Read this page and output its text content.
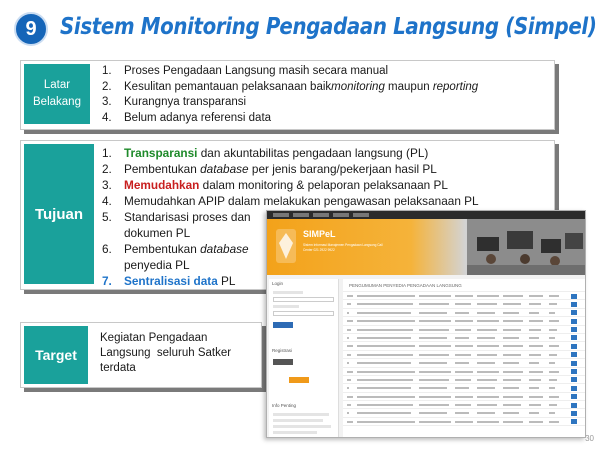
9 Sistem Monitoring Pengadaan Langsung (Simpel)
Latar
Belakang
1.	Proses Pengadaan Langsung masih secara manual
2.	Kesulitan pemantauan pelaksanaan baik monitoring maupun reporting
3.	Kurangnya transparansi
4.	Belum adanya referensi data
Tujuan
1.	Transparansi dan akuntabilitas pengadaan langsung (PL)
2.	Pembentukan database per jenis barang/pekerjaan hasil PL
3.	Memudahkan dalam monitoring & pelaporan pelaksanaan PL
4.	Memudahkan APIP dalam melakukan pengawasan pelaksanaan PL
5.	Standarisasi proses dan
dokumen PL
6.	Pembentukan database
penyedia PL
7.	Sentralisasi data PL
Target
Kegiatan Pengadaan
Langsung  seluruh Satker
terdata
SIMPeL
Sistem Informasi Manajemen Pengadaan Langsung Call Center 021 2922 9922
Login
Registrasi

Info Penting
PENGUMUMAN PENYEDIA PENGADAAN LANGSUNG
30
